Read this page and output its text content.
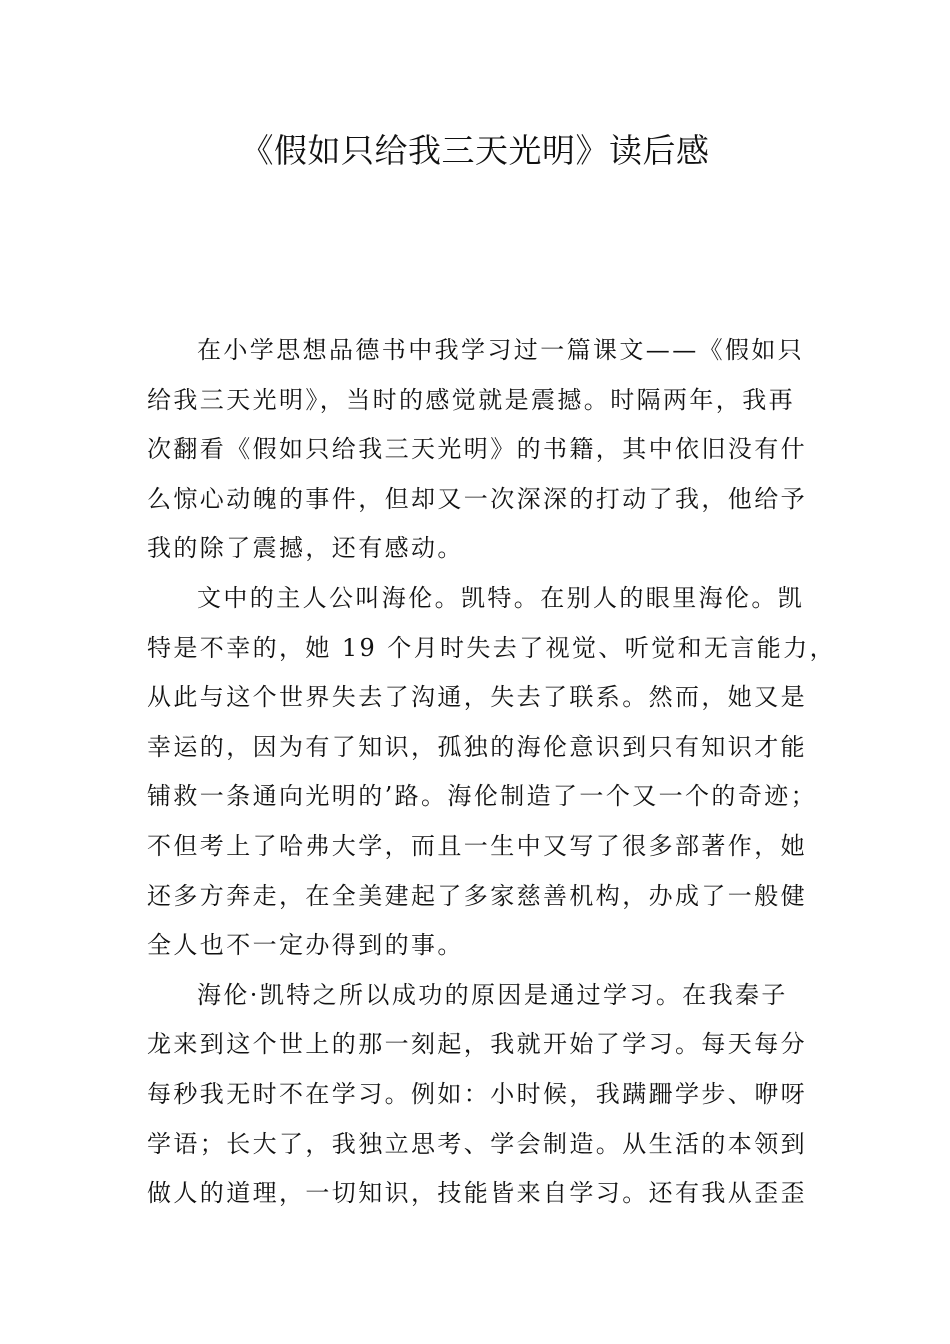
《假如只给我三天光明》读后感

在小学思想品德书中我学习过一篇课文——《假如只
给我三天光明》，当时的感觉就是震撼。时隔两年，我再
次翻看《假如只给我三天光明》的书籍，其中依旧没有什
么惊心动魄的事件，但却又一次深深的打动了我，他给予
我的除了震撼，还有感动。

文中的主人公叫海伦。凯特。在别人的眼里海伦。凯
特是不幸的，她 19 个月时失去了视觉、听觉和无言能力，
从此与这个世界失去了沟通，失去了联系。然而，她又是
幸运的，因为有了知识，孤独的海伦意识到只有知识才能
铺救一条通向光明的’路。海伦制造了一个又一个的奇迹；
不但考上了哈弗大学，而且一生中又写了很多部著作，她
还多方奔走，在全美建起了多家慈善机构，办成了一般健
全人也不一定办得到的事。

海伦·凯特之所以成功的原因是通过学习。在我秦子
龙来到这个世上的那一刻起，我就开始了学习。每天每分
每秒我无时不在学习。例如：小时候，我蹒跚学步、咿呀
学语；长大了，我独立思考、学会制造。从生活的本领到
做人的道理，一切知识，技能皆来自学习。还有我从歪歪
